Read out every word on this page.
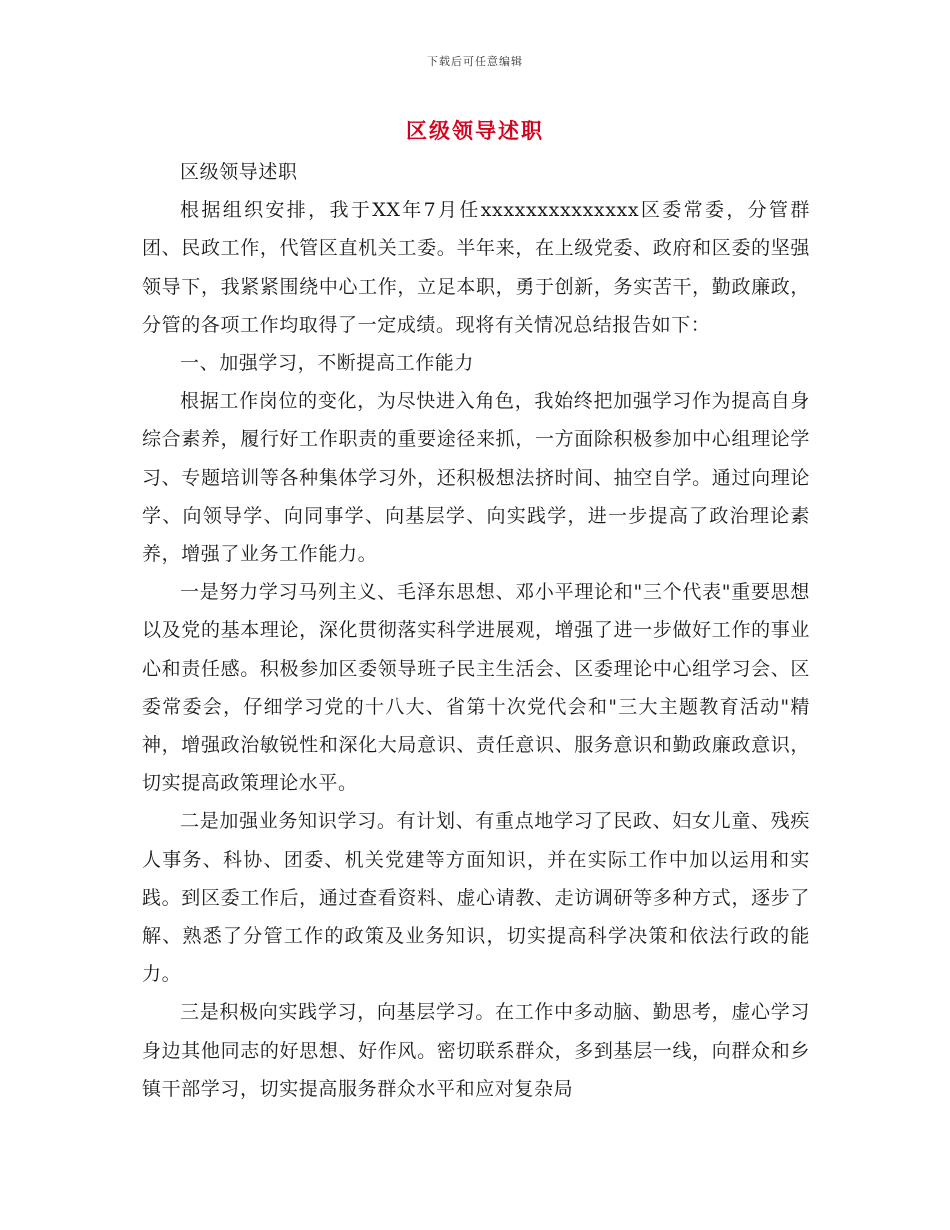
下载后可任意编辑
区级领导述职

区级领导述职

根据组织安排，我于XX年7月任xxxxxxxxxxxxxx区委常委，分管群团、民政工作，代管区直机关工委。半年来，在上级党委、政府和区委的坚强领导下，我紧紧围绕中心工作，立足本职，勇于创新，务实苦干，勤政廉政，分管的各项工作均取得了一定成绩。现将有关情况总结报告如下：

一、加强学习，不断提高工作能力

根据工作岗位的变化，为尽快进入角色，我始终把加强学习作为提高自身综合素养，履行好工作职责的重要途径来抓，一方面除积极参加中心组理论学习、专题培训等各种集体学习外，还积极想法挤时间、抽空自学。通过向理论学、向领导学、向同事学、向基层学、向实践学，进一步提高了政治理论素养，增强了业务工作能力。

一是努力学习马列主义、毛泽东思想、邓小平理论和"三个代表"重要思想以及党的基本理论，深化贯彻落实科学进展观，增强了进一步做好工作的事业心和责任感。积极参加区委领导班子民主生活会、区委理论中心组学习会、区委常委会，仔细学习党的十八大、省第十次党代会和"三大主题教育活动"精神，增强政治敏锐性和深化大局意识、责任意识、服务意识和勤政廉政意识，切实提高政策理论水平。

二是加强业务知识学习。有计划、有重点地学习了民政、妇女儿童、残疾人事务、科协、团委、机关党建等方面知识，并在实际工作中加以运用和实践。到区委工作后，通过查看资料、虚心请教、走访调研等多种方式，逐步了解、熟悉了分管工作的政策及业务知识，切实提高科学决策和依法行政的能力。

三是积极向实践学习，向基层学习。在工作中多动脑、勤思考，虚心学习身边其他同志的好思想、好作风。密切联系群众，多到基层一线，向群众和乡镇干部学习，切实提高服务群众水平和应对复杂局
